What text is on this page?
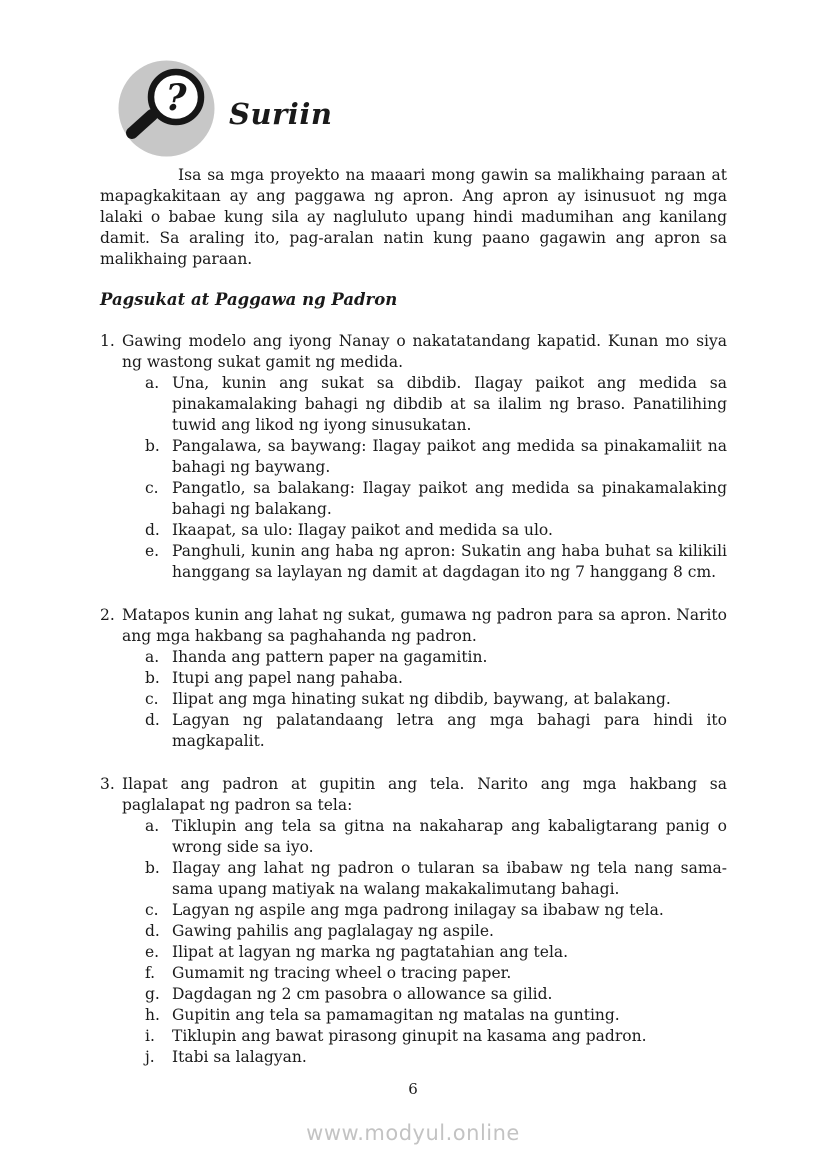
? Suriin

Isa sa mga proyekto na maaari mong gawin sa malikhaing paraan at mapagkakitaan ay ang paggawa ng apron. Ang apron ay isinusuot ng mga lalaki o babae kung sila ay nagluluto upang hindi madumihan ang kanilang damit. Sa araling ito, pag-aralan natin kung paano gagawin ang apron sa malikhaing paraan.

Pagsukat at Paggawa ng Padron
1. Gawing modelo ang iyong Nanay o nakatatandang kapatid. Kunan mo siya ng wastong sukat gamit ng medida.

a. Una, kunin ang sukat sa dibdib. Ilagay paikot ang medida sa pinakamalaking bahagi ng dibdib at sa ilalim ng braso. Panatilihing tuwid ang likod ng iyong sinusukatan.

b. Pangalawa, sa baywang: Ilagay paikot ang medida sa pinakamaliit na bahagi ng baywang.

c. Pangatlo, sa balakang: Ilagay paikot ang medida sa pinakamalaking bahagi ng balakang.

d. Ikaapat, sa ulo: Ilagay paikot and medida sa ulo.

e. Panghuli, kunin ang haba ng apron: Sukatin ang haba buhat sa kilikili hanggang sa laylayan ng damit at dagdagan ito ng 7 hanggang 8 cm.

2. Matapos kunin ang lahat ng sukat, gumawa ng padron para sa apron. Narito ang mga hakbang sa paghahanda ng padron.

a. Ihanda ang pattern paper na gagamitin.

b. Itupi ang papel nang pahaba.

c. Ilipat ang mga hinating sukat ng dibdib, baywang, at balakang.

d. Lagyan ng palatandaang letra ang mga bahagi para hindi ito magkapalit.

3. Ilapat ang padron at gupitin ang tela. Narito ang mga hakbang sa paglalapat ng padron sa tela:

a. Tiklupin ang tela sa gitna na nakaharap ang kabaligtarang panig o wrong side sa iyo.

b. Ilagay ang lahat ng padron o tularan sa ibabaw ng tela nang sama-sama upang matiyak na walang makakalimutang bahagi.

c. Lagyan ng aspile ang mga padrong inilagay sa ibabaw ng tela.

d. Gawing pahilis ang paglalagay ng aspile.

e. Ilipat at lagyan ng marka ng pagtatahian ang tela.

f.	Gumamit ng tracing wheel o tracing paper.

g. Dagdagan ng 2 cm pasobra o allowance sa gilid.

h. Gupitin ang tela sa pamamagitan ng matalas na gunting.

i.	Tiklupin ang bawat pirasong ginupit na kasama ang padron.

j.	Itabi sa lalagyan.

6
www.modyul.online
